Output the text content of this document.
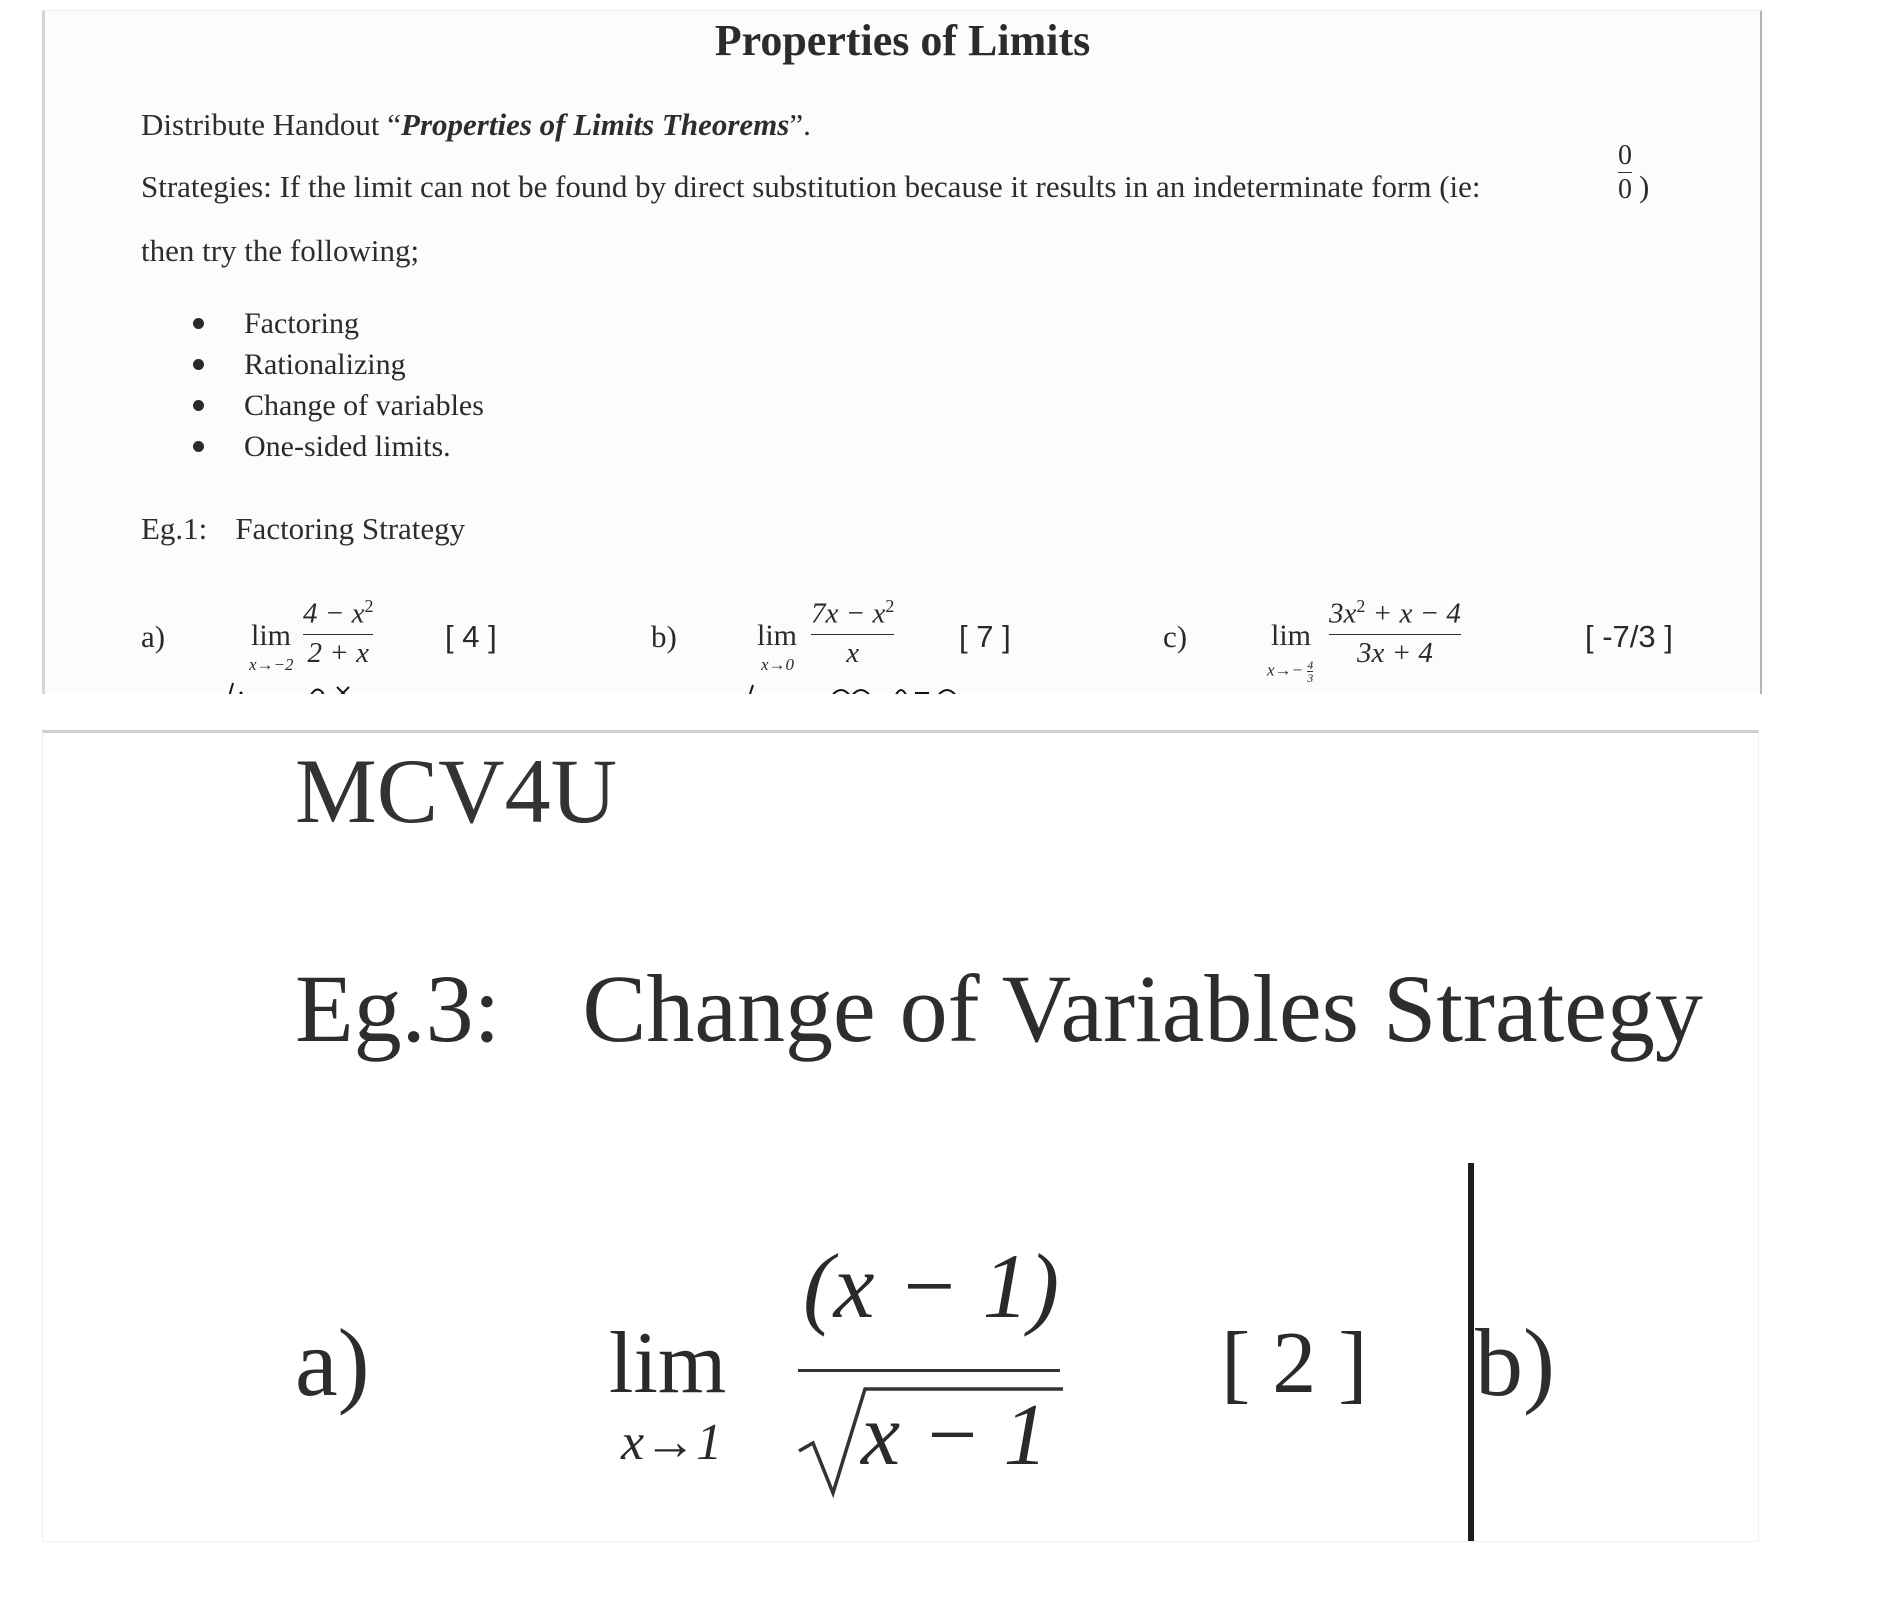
Properties of Limits
Distribute Handout “Properties of Limits Theorems”.
Strategies: If the limit can not be found by direct substitution because it results in an indeterminate form (ie:
0
0 )
then try the following;
Factoring
Rationalizing
Change of variables
One-sided limits.
Eg.1: Factoring Strategy
a)	lim
x→−2
$4 - x^2$
2 + x [ 4 ]	b)	lim
x→0
$7x - x^2$
x	[ 7 ]	c)	lim
$x\to- \frac{4}{3}$
$3x^2 + x - 4$
3x + 4	[ -7/3 ]
MCV4U
Eg.3: Change of Variables Strategy
a)	lim
x→1
(x − 1)
x − 1
[ 2 ] b)
